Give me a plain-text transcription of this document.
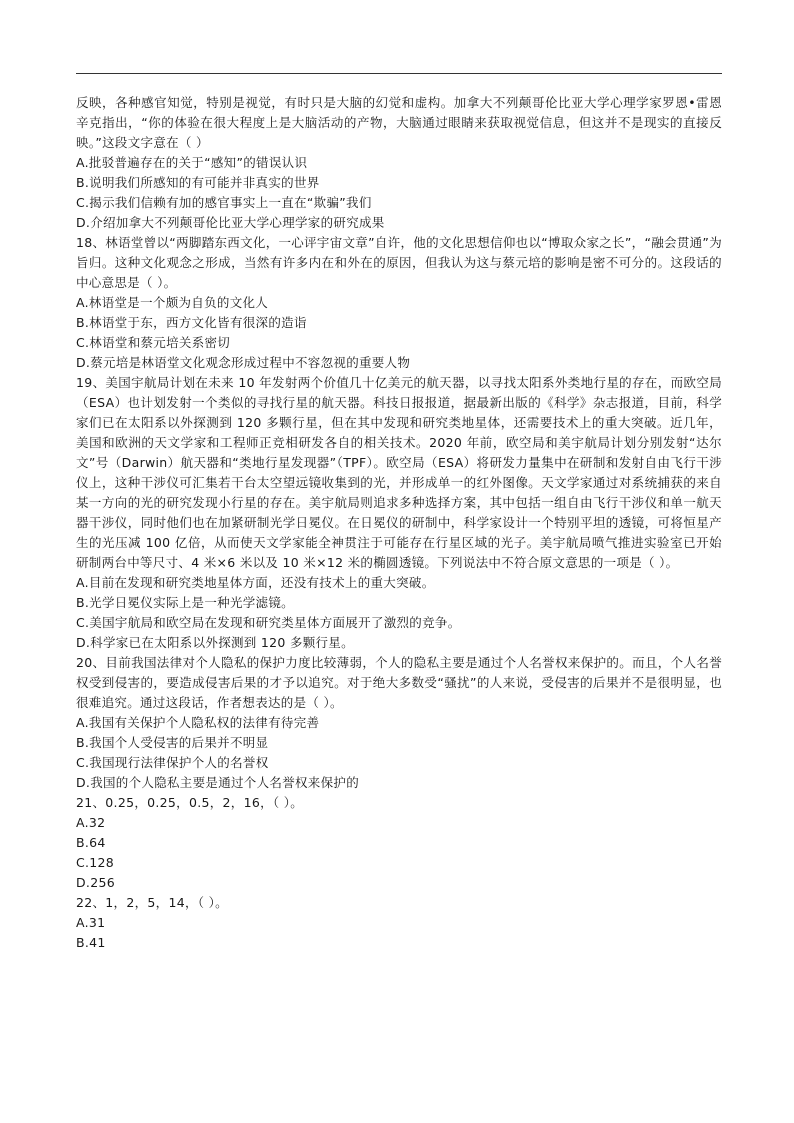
反映，各种感官知觉，特别是视觉，有时只是大脑的幻觉和虚构。加拿大不列颠哥伦比亚大学心理学家罗恩•雷恩辛克指出，“你的体验在很大程度上是大脑活动的产物，大脑通过眼睛来获取视觉信息，但这并不是现实的直接反映。”这段文字意在（ ）

A.批驳普遍存在的关于“感知”的错误认识
B.说明我们所感知的有可能并非真实的世界
C.揭示我们信赖有加的感官事实上一直在“欺骗”我们
D.介绍加拿大不列颠哥伦比亚大学心理学家的研究成果

18、林语堂曾以“两脚踏东西文化，一心评宇宙文章”自许，他的文化思想信仰也以“博取众家之长”，“融会贯通”为旨归。这种文化观念之形成，当然有许多内在和外在的原因，但我认为这与蔡元培的影响是密不可分的。这段话的中心意思是（ ）。

A.林语堂是一个颇为自负的文化人
B.林语堂于东，西方文化皆有很深的造诣
C.林语堂和蔡元培关系密切
D.蔡元培是林语堂文化观念形成过程中不容忽视的重要人物

19、美国宇航局计划在未来 10 年发射两个价值几十亿美元的航天器，以寻找太阳系外类地行星的存在，而欧空局（ESA）也计划发射一个类似的寻找行星的航天器。科技日报报道，据最新出版的《科学》杂志报道，目前，科学家们已在太阳系以外探测到 120 多颗行星，但在其中发现和研究类地星体，还需要技术上的重大突破。近几年，美国和欧洲的天文学家和工程师正竞相研发各自的相关技术。2020 年前，欧空局和美宇航局计划分别发射“达尔文”号（Darwin）航天器和“类地行星发现器”（TPF）。欧空局（ESA）将研发力量集中在研制和发射自由飞行干涉仪上，这种干涉仪可汇集若干台太空望远镜收集到的光，并形成单一的红外图像。天文学家通过对系统捕获的来自某一方向的光的研究发现小行星的存在。美宇航局则追求多种选择方案，其中包括一组自由飞行干涉仪和单一航天器干涉仪，同时他们也在加紧研制光学日冕仪。在日冕仪的研制中，科学家设计一个特别平坦的透镜，可将恒星产生的光压减 100 亿倍，从而使天文学家能全神贯注于可能存在行星区域的光子。美宇航局喷气推进实验室已开始研制两台中等尺寸、4 米×6 米以及 10 米×12 米的椭圆透镜。下列说法中不符合原文意思的一项是（ ）。

A.目前在发现和研究类地星体方面，还没有技术上的重大突破。
B.光学日冕仪实际上是一种光学滤镜。
C.美国宇航局和欧空局在发现和研究类星体方面展开了激烈的竞争。
D.科学家已在太阳系以外探测到 120 多颗行星。

20、目前我国法律对个人隐私的保护力度比较薄弱，个人的隐私主要是通过个人名誉权来保护的。而且，个人名誉权受到侵害的，要造成侵害后果的才予以追究。对于绝大多数受“骚扰”的人来说，受侵害的后果并不是很明显，也很难追究。通过这段话，作者想表达的是（ ）。

A.我国有关保护个人隐私权的法律有待完善
B.我国个人受侵害的后果并不明显
C.我国现行法律保护个人的名誉权
D.我国的个人隐私主要是通过个人名誉权来保护的

21、0.25，0.25，0.5，2，16，（ ）。

A.32
B.64
C.128
D.256

22、1，2，5，14，（ ）。

A.31
B.41
